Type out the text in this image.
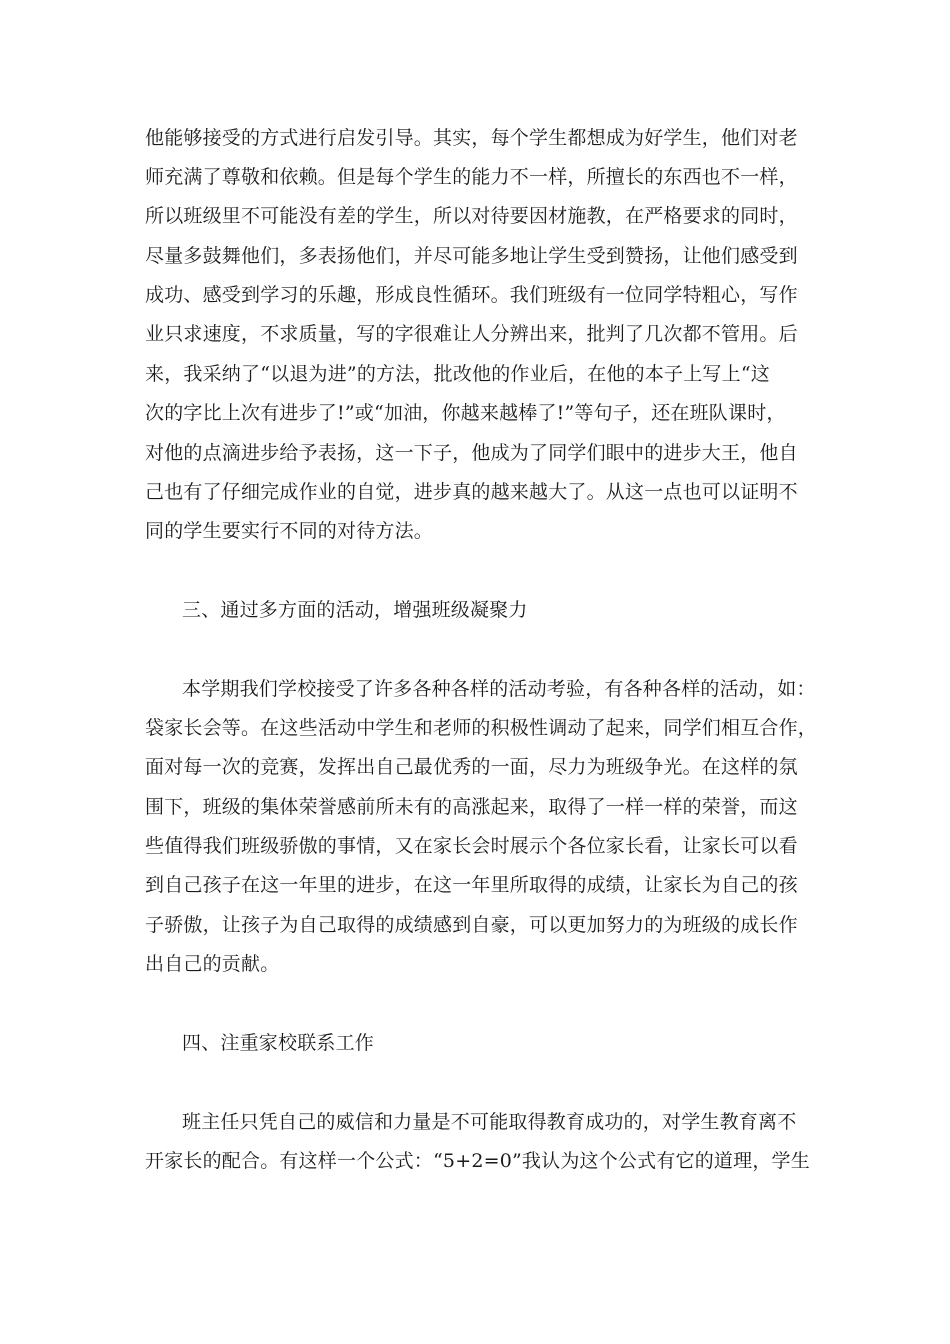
他能够接受的方式进行启发引导。其实，每个学生都想成为好学生，他们对老
师充满了尊敬和依赖。但是每个学生的能力不一样，所擅长的东西也不一样，
所以班级里不可能没有差的学生，所以对待要因材施教，在严格要求的同时，
尽量多鼓舞他们，多表扬他们，并尽可能多地让学生受到赞扬，让他们感受到
成功、感受到学习的乐趣，形成良性循环。我们班级有一位同学特粗心，写作
业只求速度，不求质量，写的字很难让人分辨出来，批判了几次都不管用。后
来，我采纳了“以退为进”的方法，批改他的作业后，在他的本子上写上“这
次的字比上次有进步了!”或“加油，你越来越棒了!”等句子，还在班队课时，
对他的点滴进步给予表扬，这一下子，他成为了同学们眼中的进步大王，他自
己也有了仔细完成作业的自觉，进步真的越来越大了。从这一点也可以证明不
同的学生要实行不同的对待方法。
三、通过多方面的活动，增强班级凝聚力
本学期我们学校接受了许多各种各样的活动考验，有各种各样的活动，如：
袋家长会等。在这些活动中学生和老师的积极性调动了起来，同学们相互合作，
面对每一次的竞赛，发挥出自己最优秀的一面，尽力为班级争光。在这样的氛
围下，班级的集体荣誉感前所未有的高涨起来，取得了一样一样的荣誉，而这
些值得我们班级骄傲的事情，又在家长会时展示个各位家长看，让家长可以看
到自己孩子在这一年里的进步，在这一年里所取得的成绩，让家长为自己的孩
子骄傲，让孩子为自己取得的成绩感到自豪，可以更加努力的为班级的成长作
出自己的贡献。
四、注重家校联系工作
班主任只凭自己的威信和力量是不可能取得教育成功的，对学生教育离不
开家长的配合。有这样一个公式：“5+2=0”我认为这个公式有它的道理，学生
